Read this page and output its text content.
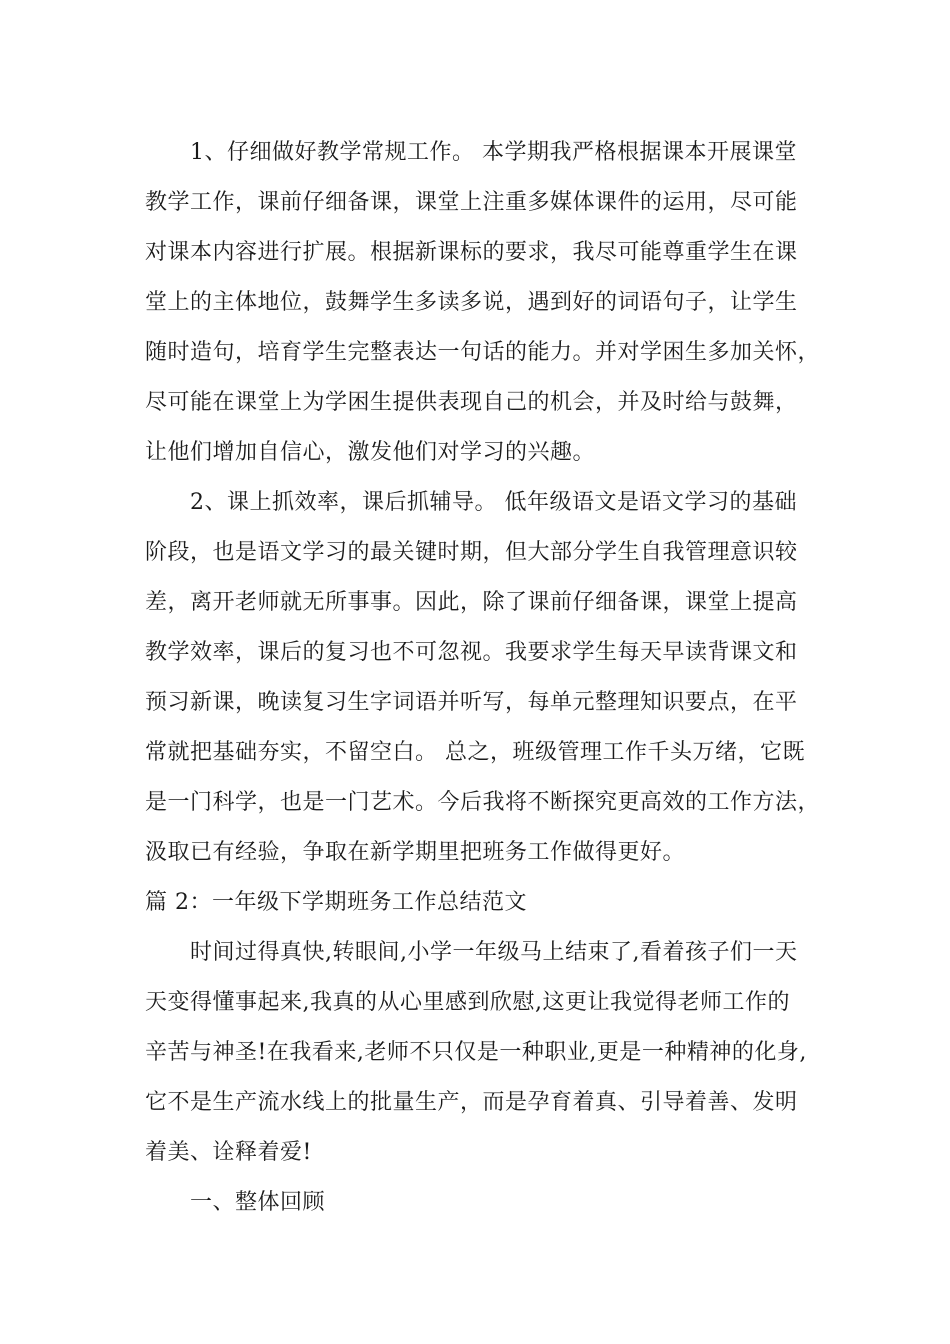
1、仔细做好教学常规工作。 本学期我严格根据课本开展课堂
教学工作，课前仔细备课，课堂上注重多媒体课件的运用，尽可能
对课本内容进行扩展。根据新课标的要求，我尽可能尊重学生在课
堂上的主体地位，鼓舞学生多读多说，遇到好的词语句子，让学生
随时造句，培育学生完整表达一句话的能力。并对学困生多加关怀，
尽可能在课堂上为学困生提供表现自己的机会，并及时给与鼓舞，
让他们增加自信心，激发他们对学习的兴趣。
2、课上抓效率，课后抓辅导。 低年级语文是语文学习的基础
阶段，也是语文学习的最关键时期，但大部分学生自我管理意识较
差，离开老师就无所事事。因此，除了课前仔细备课，课堂上提高
教学效率，课后的复习也不可忽视。我要求学生每天早读背课文和
预习新课，晚读复习生字词语并听写，每单元整理知识要点，在平
常就把基础夯实，不留空白。 总之，班级管理工作千头万绪，它既
是一门科学，也是一门艺术。今后我将不断探究更高效的工作方法，
汲取已有经验，争取在新学期里把班务工作做得更好。
篇 2：一年级下学期班务工作总结范文
时间过得真快,转眼间,小学一年级马上结束了,看着孩子们一天
天变得懂事起来,我真的从心里感到欣慰,这更让我觉得老师工作的
辛苦与神圣!在我看来,老师不只仅是一种职业,更是一种精神的化身,
它不是生产流水线上的批量生产，而是孕育着真、引导着善、发明
着美、诠释着爱!
一、整体回顾
